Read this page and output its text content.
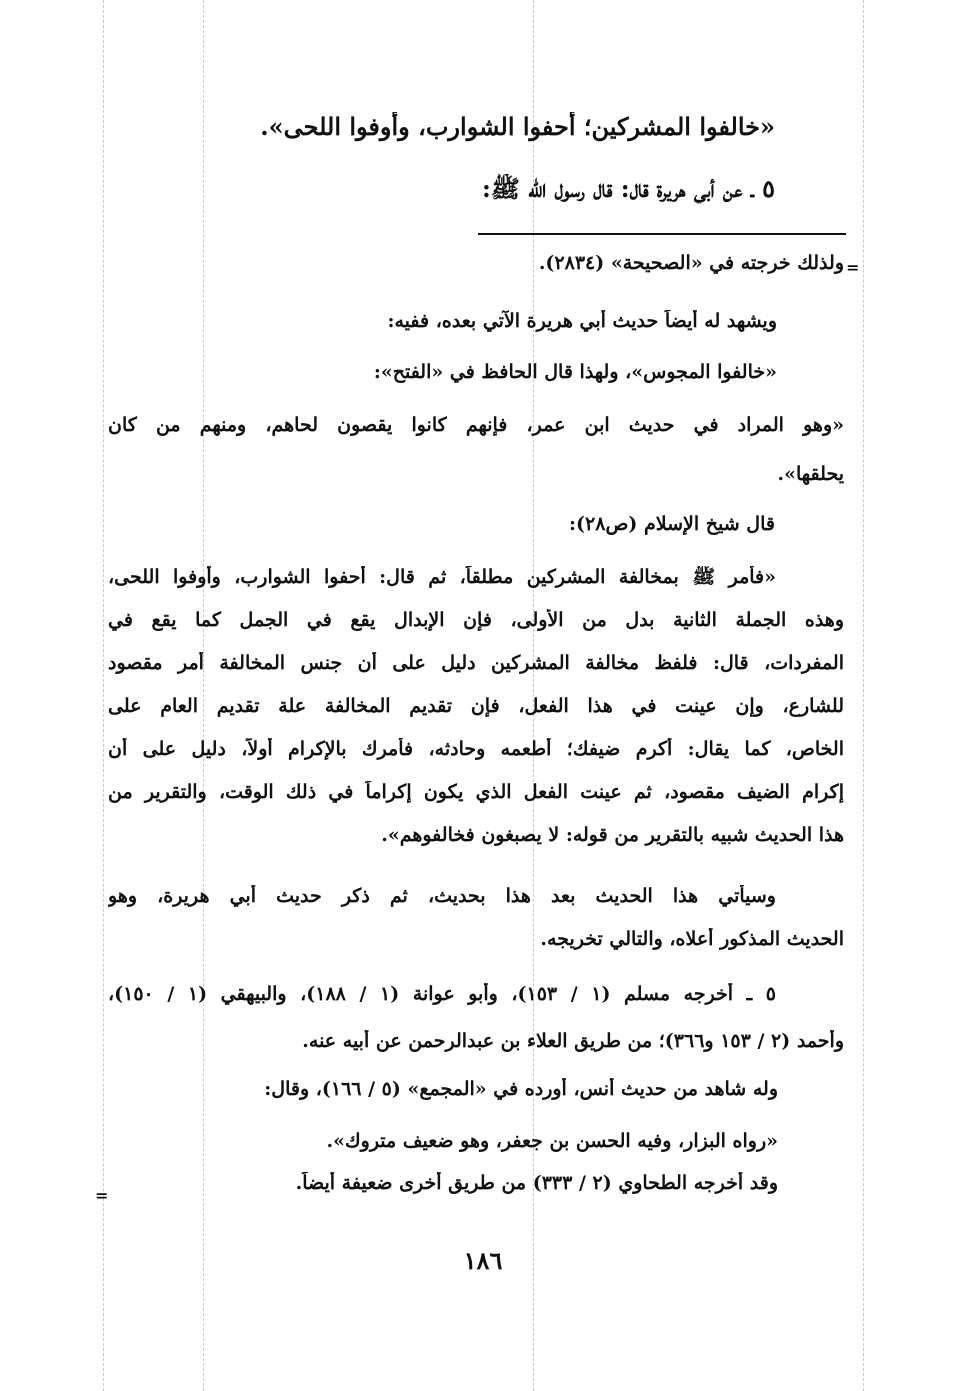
«خالفوا المشركين؛ أحفوا الشوارب، وأوفوا اللحى».
٥ ـ عن أبي هريرة قال: قال رسول الله ﷺ:
=
ولذلك خرجته في «الصحيحة» (٢٨٣٤).
ويشهد له أيضاً حديث أبي هريرة الآتي بعده، ففيه:
«خالفوا المجوس»، ولهذا قال الحافظ في «الفتح»:
«وهو المراد في حديث ابن عمر، فإنهم كانوا يقصون لحاهم، ومنهم من كان
يحلقها».
قال شيخ الإسلام (ص٢٨):
«فأمر ﷺ بمخالفة المشركين مطلقاً، ثم قال: أحفوا الشوارب، وأوفوا اللحى،
وهذه الجملة الثانية بدل من الأولى، فإن الإبدال يقع في الجمل كما يقع في
المفردات، قال: فلفظ مخالفة المشركين دليل على أن جنس المخالفة أمر مقصود
للشارع، وإن عينت في هذا الفعل، فإن تقديم المخالفة علة تقديم العام على
الخاص، كما يقال: أكرم ضيفك؛ أطعمه وحادثه، فأمرك بالإكرام أولاً، دليل على أن
إكرام الضيف مقصود، ثم عينت الفعل الذي يكون إكراماً في ذلك الوقت، والتقرير من
هذا الحديث شبيه بالتقرير من قوله: لا يصبغون فخالفوهم».
وسيأتي هذا الحديث بعد هذا بحديث، ثم ذكر حديث أبي هريرة، وهو
الحديث المذكور أعلاه، والتالي تخريجه.
٥ ـ أخرجه مسلم (١ / ١٥٣)، وأبو عوانة (١ / ١٨٨)، والبيهقي (١ / ١٥٠)،
وأحمد (٢ / ١٥٣ و٣٦٦)؛ من طريق العلاء بن عبدالرحمن عن أبيه عنه.
وله شاهد من حديث أنس، أورده في «المجمع» (٥ / ١٦٦)، وقال:
«رواه البزار، وفيه الحسن بن جعفر، وهو ضعيف متروك».
وقد أخرجه الطحاوي (٢ / ٣٣٣) من طريق أخرى ضعيفة أيضاً.
=
١٨٦
